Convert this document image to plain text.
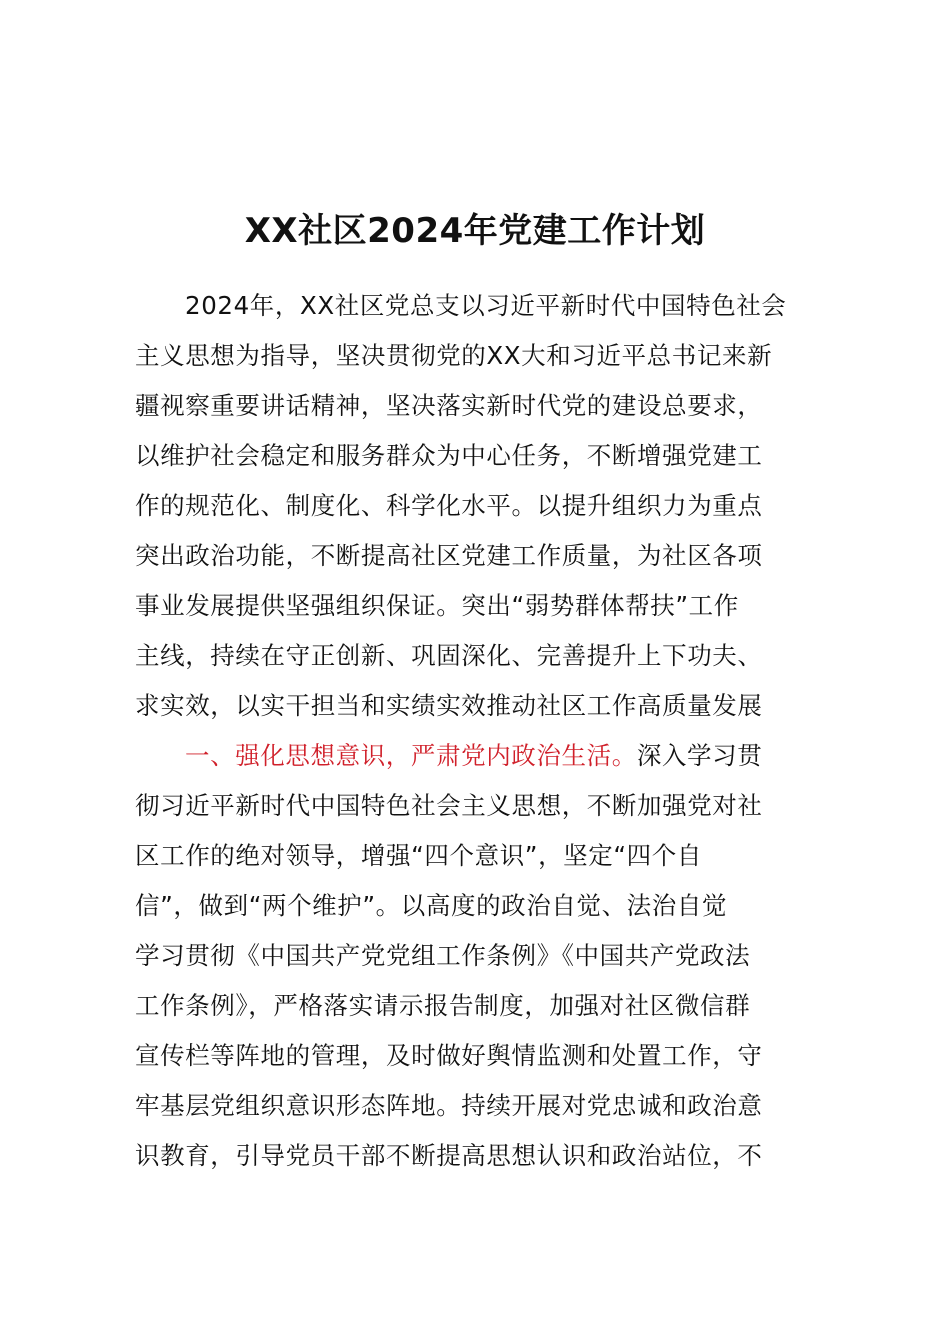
XX社区2024年党建工作计划
2024年，XX社区党总支以习近平新时代中国特色社会
主义思想为指导，坚决贯彻党的XX大和习近平总书记来新
疆视察重要讲话精神，坚决落实新时代党的建设总要求，
以维护社会稳定和服务群众为中心任务，不断增强党建工
作的规范化、制度化、科学化水平。以提升组织力为重点
突出政治功能，不断提高社区党建工作质量，为社区各项
事业发展提供坚强组织保证。突出“弱势群体帮扶”工作
主线，持续在守正创新、巩固深化、完善提升上下功夫、
求实效，以实干担当和实绩实效推动社区工作高质量发展
一、强化思想意识，严肃党内政治生活。深入学习贯
彻习近平新时代中国特色社会主义思想，不断加强党对社
区工作的绝对领导，增强“四个意识”，坚定“四个自
信”，做到“两个维护”。以高度的政治自觉、法治自觉
学习贯彻《中国共产党党组工作条例》《中国共产党政法
工作条例》，严格落实请示报告制度，加强对社区微信群
宣传栏等阵地的管理，及时做好舆情监测和处置工作，守
牢基层党组织意识形态阵地。持续开展对党忠诚和政治意
识教育，引导党员干部不断提高思想认识和政治站位，不
